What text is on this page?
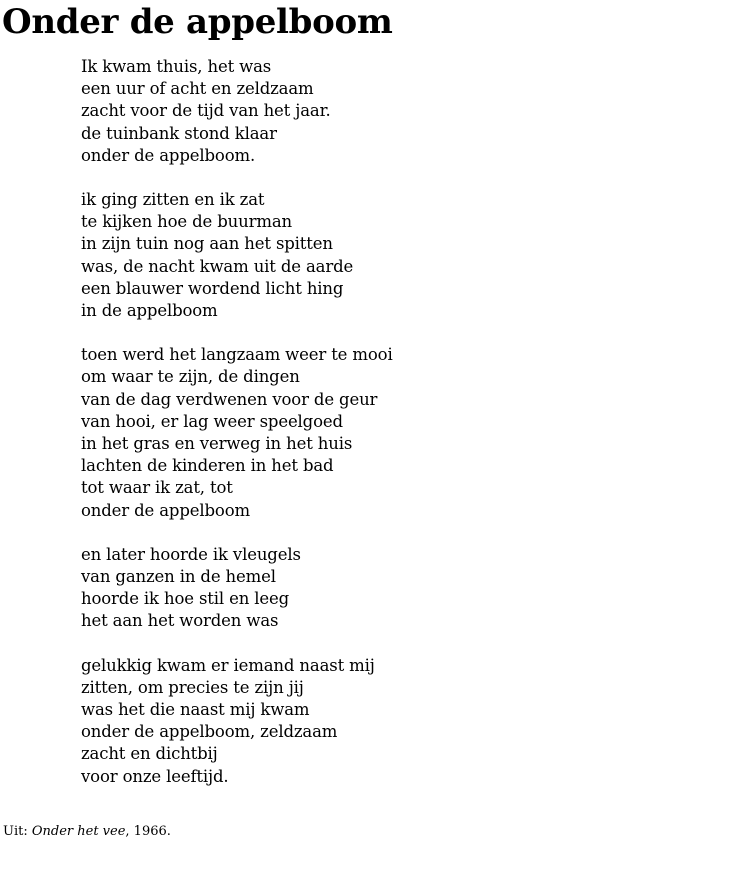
Onder de appelboom
Ik kwam thuis, het was
een uur of acht en zeldzaam
zacht voor de tijd van het jaar.
de tuinbank stond klaar
onder de appelboom.
ik ging zitten en ik zat
te kijken hoe de buurman
in zijn tuin nog aan het spitten
was, de nacht kwam uit de aarde
een blauwer wordend licht hing
in de appelboom
toen werd het langzaam weer te mooi
om waar te zijn, de dingen
van de dag verdwenen voor de geur
van hooi, er lag weer speelgoed
in het gras en verweg in het huis
lachten de kinderen in het bad
tot waar ik zat, tot
onder de appelboom
en later hoorde ik vleugels
van ganzen in de hemel
hoorde ik hoe stil en leeg
het aan het worden was
gelukkig kwam er iemand naast mij
zitten, om precies te zijn jij
was het die naast mij kwam
onder de appelboom, zeldzaam
zacht en dichtbij
voor onze leeftijd.
Uit: Onder het vee, 1966.
